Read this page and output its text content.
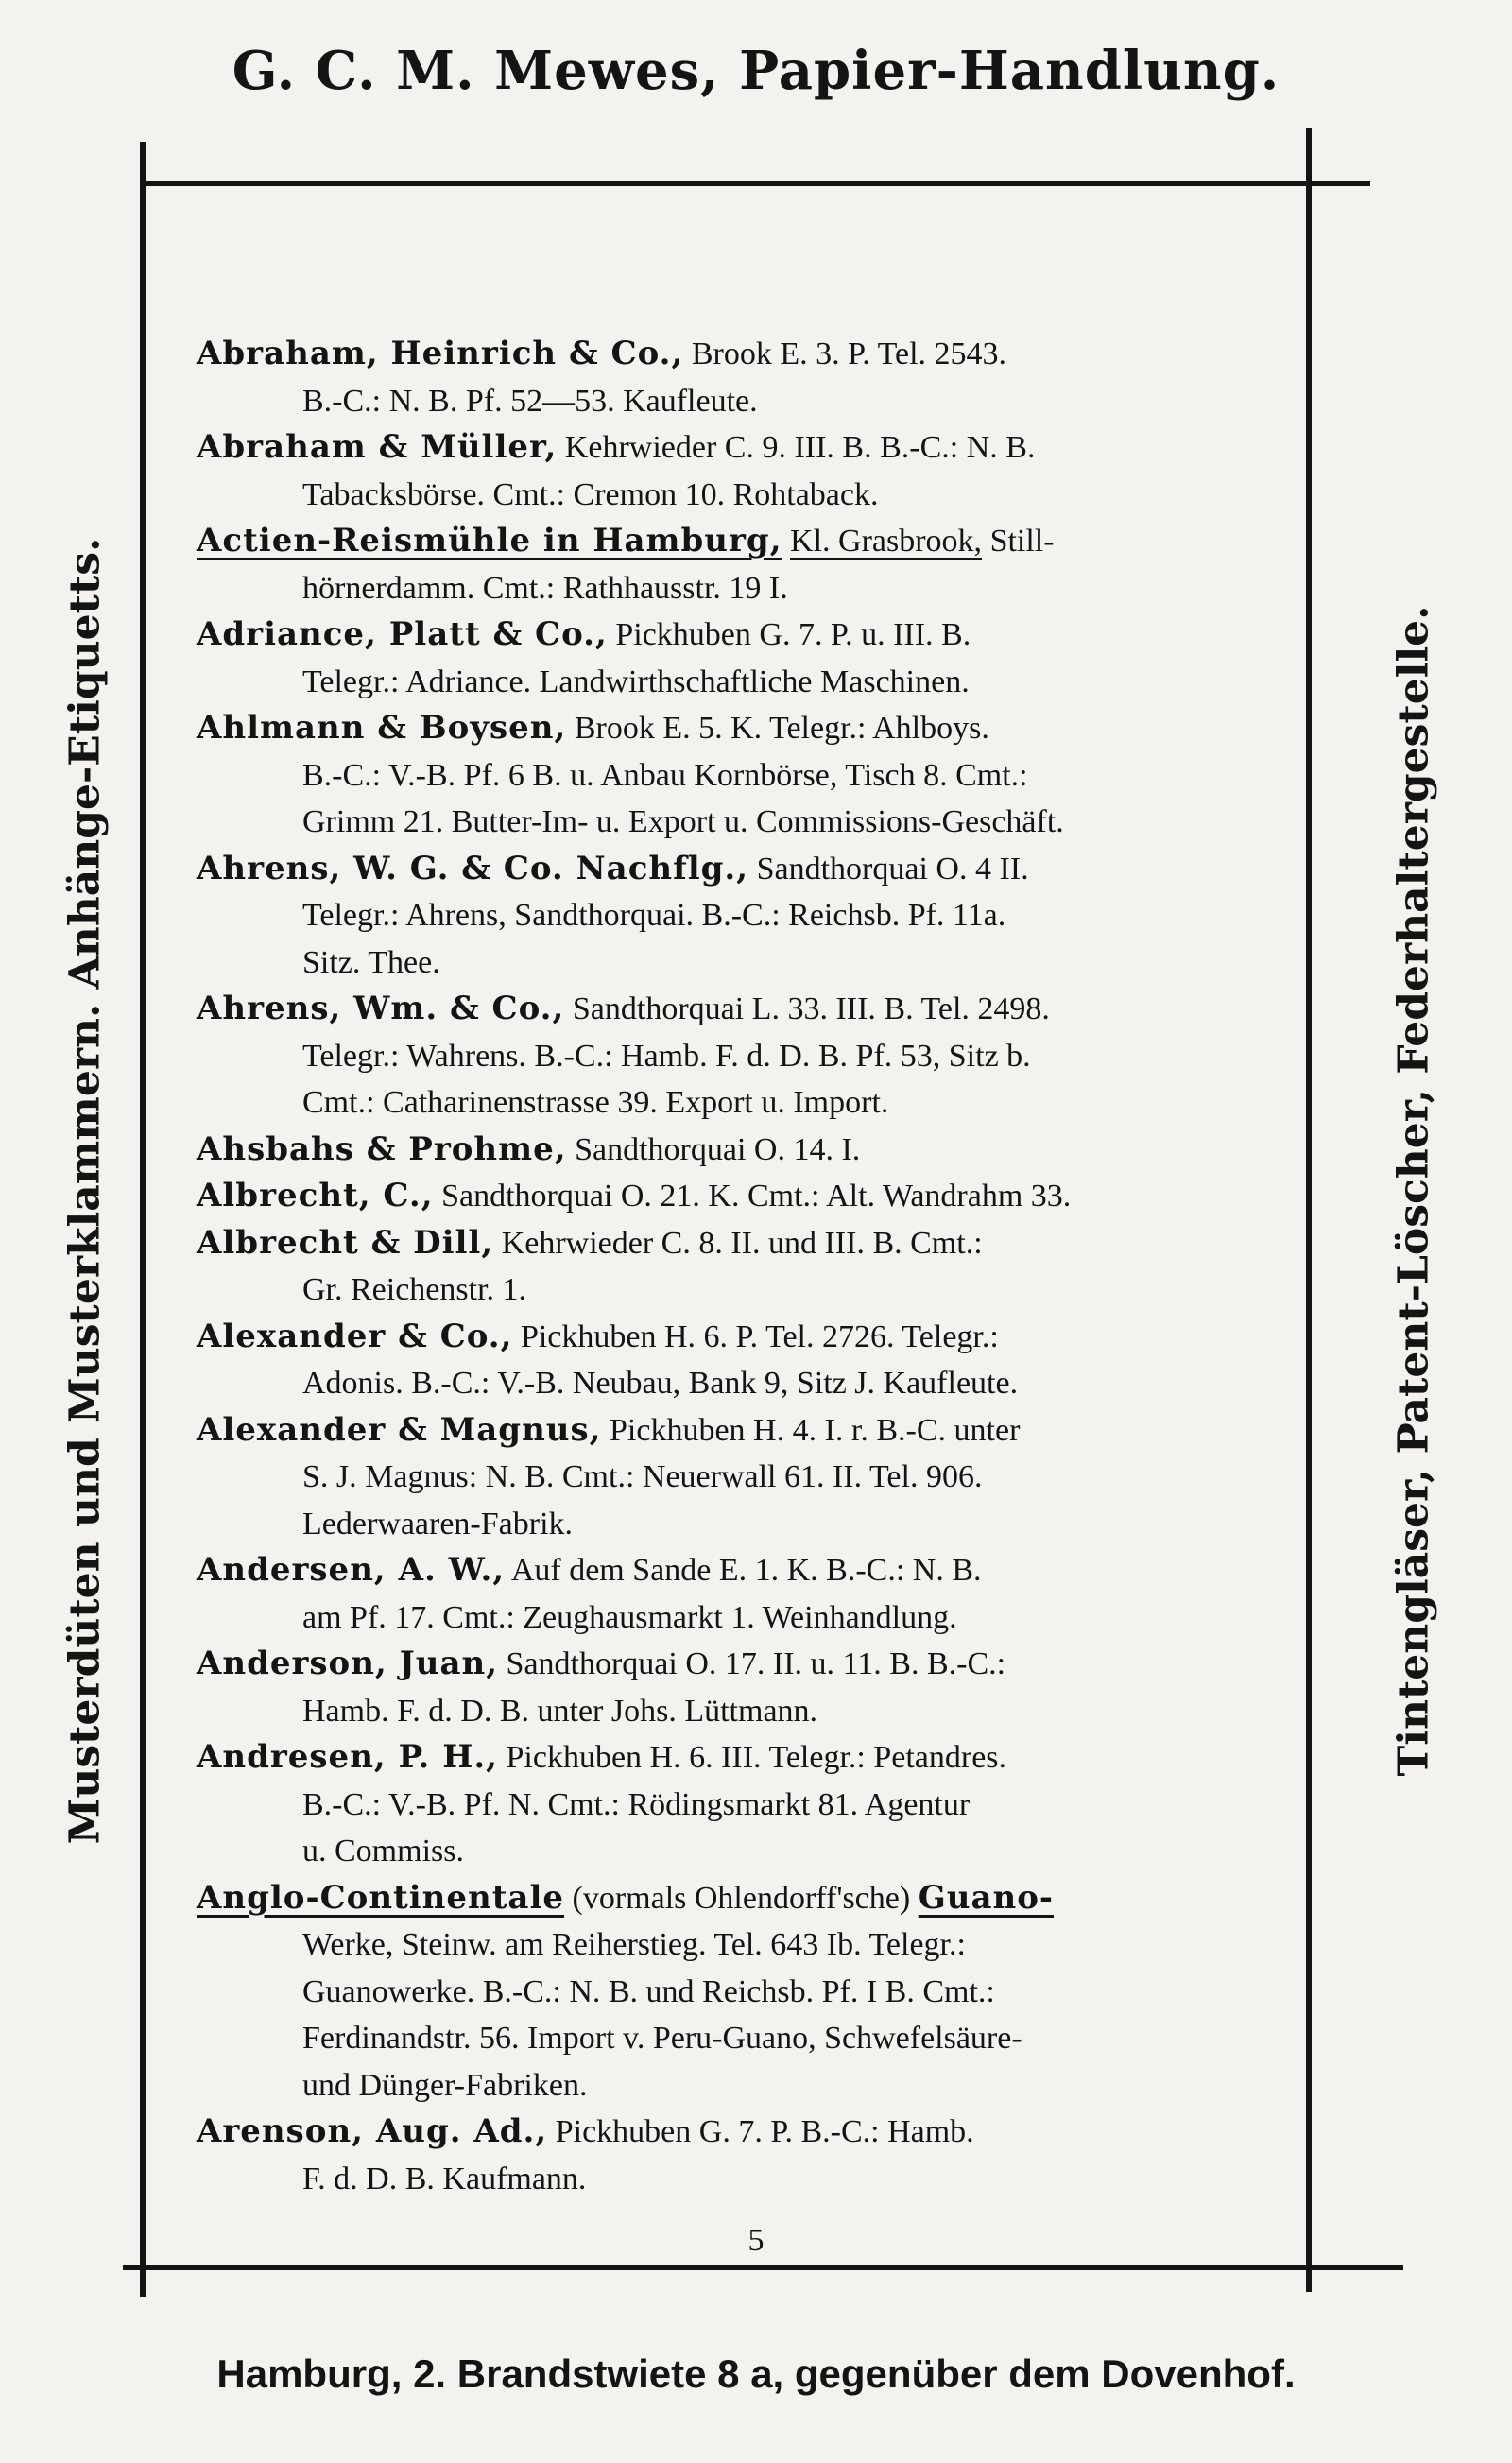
G. C. M. Mewes, Papier-Handlung.
Musterdüten und Musterklammern. Anhänge-Etiquetts.	Tintengläser, Patent-Löscher, Federhaltergestelle.
Abraham, Heinrich & Co., Brook E. 3. P. Tel. 2543.
B.-C.: N. B. Pf. 52—53. Kaufleute.
Abraham & Müller, Kehrwieder C. 9. III. B. B.-C.: N. B.
Tabacksbörse. Cmt.: Cremon 10. Rohtaback.
Actien-Reismühle in Hamburg, Kl. Grasbrook, Still-
hörnerdamm. Cmt.: Rathhausstr. 19 I.
Adriance, Platt & Co., Pickhuben G. 7. P. u. III. B.
Telegr.: Adriance. Landwirthschaftliche Maschinen.
Ahlmann & Boysen, Brook E. 5. K. Telegr.: Ahlboys.
B.-C.: V.-B. Pf. 6 B. u. Anbau Kornbörse, Tisch 8. Cmt.:
Grimm 21. Butter-Im- u. Export u. Commissions-Geschäft.
Ahrens, W. G. & Co. Nachflg., Sandthorquai O. 4 II.
Telegr.: Ahrens, Sandthorquai. B.-C.: Reichsb. Pf. 11a.
Sitz. Thee.
Ahrens, Wm. & Co., Sandthorquai L. 33. III. B. Tel. 2498.
Telegr.: Wahrens. B.-C.: Hamb. F. d. D. B. Pf. 53, Sitz b.
Cmt.: Catharinenstrasse 39. Export u. Import.
Ahsbahs & Prohme, Sandthorquai O. 14. I.
Albrecht, C., Sandthorquai O. 21. K. Cmt.: Alt. Wandrahm 33.
Albrecht & Dill, Kehrwieder C. 8. II. und III. B. Cmt.:
Gr. Reichenstr. 1.
Alexander & Co., Pickhuben H. 6. P. Tel. 2726. Telegr.:
Adonis. B.-C.: V.-B. Neubau, Bank 9, Sitz J. Kaufleute.
Alexander & Magnus, Pickhuben H. 4. I. r. B.-C. unter
S. J. Magnus: N. B. Cmt.: Neuerwall 61. II. Tel. 906.
Lederwaaren-Fabrik.
Andersen, A. W., Auf dem Sande E. 1. K. B.-C.: N. B.
am Pf. 17. Cmt.: Zeughausmarkt 1. Weinhandlung.
Anderson, Juan, Sandthorquai O. 17. II. u. 11. B. B.-C.:
Hamb. F. d. D. B. unter Johs. Lüttmann.
Andresen, P. H., Pickhuben H. 6. III. Telegr.: Petandres.
B.-C.: V.-B. Pf. N. Cmt.: Rödingsmarkt 81. Agentur
u. Commiss.
Anglo-Continentale (vormals Ohlendorff'sche) Guano-
Werke, Steinw. am Reiherstieg. Tel. 643 Ib. Telegr.:
Guanowerke. B.-C.: N. B. und Reichsb. Pf. I B. Cmt.:
Ferdinandstr. 56. Import v. Peru-Guano, Schwefelsäure-
und Dünger-Fabriken.
Arenson, Aug. Ad., Pickhuben G. 7. P. B.-C.: Hamb.
F. d. D. B. Kaufmann.
5
Hamburg, 2. Brandstwiete 8 a, gegenüber dem Dovenhof.
